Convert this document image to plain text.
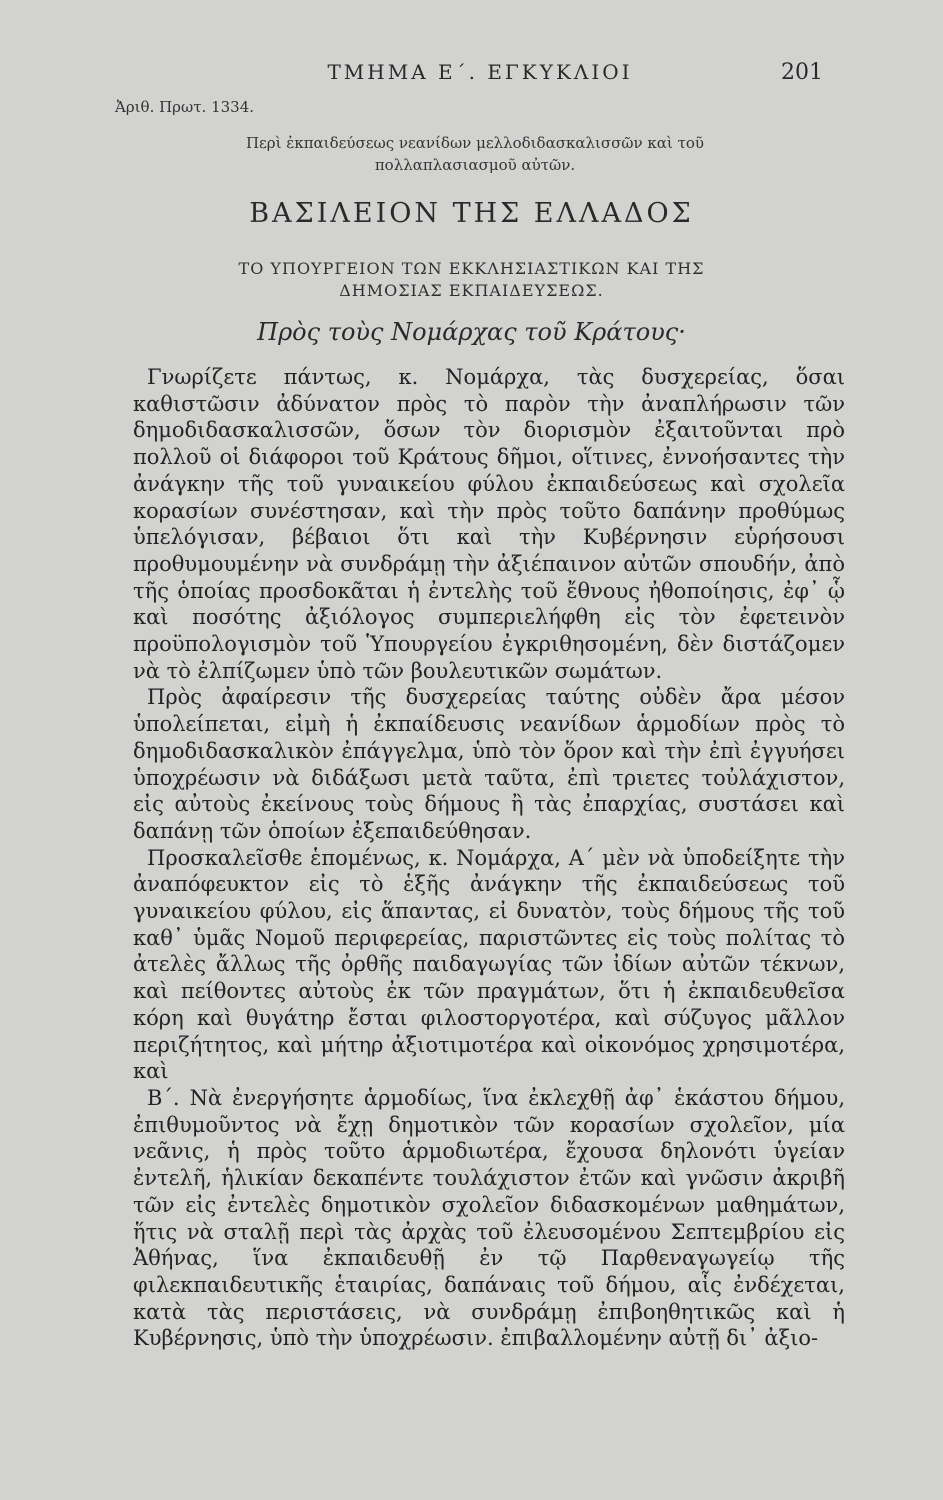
ΤΜΗΜΑ Ε΄. ΕΓΚΥΚΛΙΟΙ	201
Ἀριθ. Πρωτ. 1334.
Περὶ ἐκπαιδεύσεως νεανίδων μελλοδιδασκαλισσῶν καὶ τοῦ
πολλαπλασιασμοῦ αὐτῶν.
ΒΑΣΙΛΕΙΟΝ ΤΗΣ ΕΛΛΑΔΟΣ
ΤΟ ΥΠΟΥΡΓΕΙΟΝ ΤΩΝ ΕΚΚΛΗΣΙΑΣΤΙΚΩΝ ΚΑΙ ΤΗΣ
ΔΗΜΟΣΙΑΣ ΕΚΠΑΙΔΕΥΣΕΩΣ.
Πρὸς τοὺς Νομάρχας τοῦ Κράτους·

Γνωρίζετε πάντως, κ. Νομάρχα, τὰς δυσχερείας, ὅσαι καθιστῶσιν ἀδύνατον πρὸς τὸ παρὸν τὴν ἀναπλήρωσιν τῶν δημοδιδασκαλισσῶν, ὅσων τὸν διορισμὸν ἐξαιτοῦνται πρὸ πολλοῦ οἱ διάφοροι τοῦ Κράτους δῆμοι, οἵτινες, ἐννοήσαντες τὴν ἀνάγκην τῆς τοῦ γυναικείου φύλου ἐκπαιδεύσεως καὶ σχολεῖα κορασίων συνέστησαν, καὶ τὴν πρὸς τοῦτο δαπάνην προθύμως ὑπελόγισαν, βέβαιοι ὅτι καὶ τὴν Κυβέρνησιν εὑρήσουσι προθυμουμένην νὰ συνδράμῃ τὴν ἀξιέπαινον αὐτῶν σπουδήν, ἀπὸ τῆς ὁποίας προσδοκᾶται ἡ ἐντελὴς τοῦ ἔθνους ἠθοποίησις, ἐφ᾽ ᾧ καὶ ποσότης ἀξιόλογος συμπεριελήφθη εἰς τὸν ἐφετεινὸν προϋπολογισμὸν τοῦ Ὑπουργείου ἐγκριθησομένη, δὲν διστάζομεν νὰ τὸ ἐλπίζωμεν ὑπὸ τῶν βουλευτικῶν σωμάτων.

Πρὸς ἀφαίρεσιν τῆς δυσχερείας ταύτης οὐδὲν ἄρα μέσον ὑπολείπεται, εἰμὴ ἡ ἐκπαίδευσις νεανίδων ἁρμοδίων πρὸς τὸ δημοδιδασκαλικὸν ἐπάγγελμα, ὑπὸ τὸν ὅρον καὶ τὴν ἐπὶ ἐγγυήσει ὑποχρέωσιν νὰ διδάξωσι μετὰ ταῦτα, ἐπὶ τριετες τοὐλάχιστον, εἰς αὐτοὺς ἐκείνους τοὺς δήμους ἢ τὰς ἐπαρχίας, συστάσει καὶ δαπάνῃ τῶν ὁποίων ἐξεπαιδεύθησαν.

Προσκαλεῖσθε ἑπομένως, κ. Νομάρχα, Α΄ μὲν νὰ ὑποδείξητε τὴν ἀναπόφευκτον εἰς τὸ ἑξῆς ἀνάγκην τῆς ἐκπαιδεύσεως τοῦ γυναικείου φύλου, εἰς ἅπαντας, εἰ δυνατὸν, τοὺς δήμους τῆς τοῦ καθ᾽ ὑμᾶς Νομοῦ περιφερείας, παριστῶντες εἰς τοὺς πολίτας τὸ ἀτελὲς ἄλλως τῆς ὀρθῆς παιδαγωγίας τῶν ἰδίων αὐτῶν τέκνων, καὶ πείθοντες αὐτοὺς ἐκ τῶν πραγμάτων, ὅτι ἡ ἐκπαιδευθεῖσα κόρη καὶ θυγάτηρ ἔσται φιλοστοργοτέρα, καὶ σύζυγος μᾶλλον περιζήτητος, καὶ μήτηρ ἀξιοτιμοτέρα καὶ οἰκονόμος χρησιμοτέρα, καὶ

Β΄. Νὰ ἐνεργήσητε ἁρμοδίως, ἵνα ἐκλεχθῇ ἀφ᾽ ἑκάστου δήμου, ἐπιθυμοῦντος νὰ ἔχῃ δημοτικὸν τῶν κορασίων σχολεῖον, μία νεᾶνις, ἡ πρὸς τοῦτο ἁρμοδιωτέρα, ἔχουσα δηλονότι ὑγείαν ἐντελῆ, ἡλικίαν δεκαπέντε τουλάχιστον ἐτῶν καὶ γνῶσιν ἀκριβῆ τῶν εἰς ἐντελὲς δημοτικὸν σχολεῖον διδασκομένων μαθημάτων, ἥτις νὰ σταλῇ περὶ τὰς ἀρχὰς τοῦ ἐλευσομένου Σεπτεμβρίου εἰς Ἀθήνας, ἵνα ἐκπαιδευθῇ ἐν τῷ Παρθεναγωγείῳ τῆς φιλεκπαιδευτικῆς ἑταιρίας, δαπάναις τοῦ δήμου, αἷς ἐνδέχεται, κατὰ τὰς περιστάσεις, νὰ συνδράμῃ ἐπιβοηθητικῶς καὶ ἡ Κυβέρνησις, ὑπὸ τὴν ὑποχρέωσιν. ἐπιβαλλομένην αὐτῇ δι᾽ ἀξιο-
